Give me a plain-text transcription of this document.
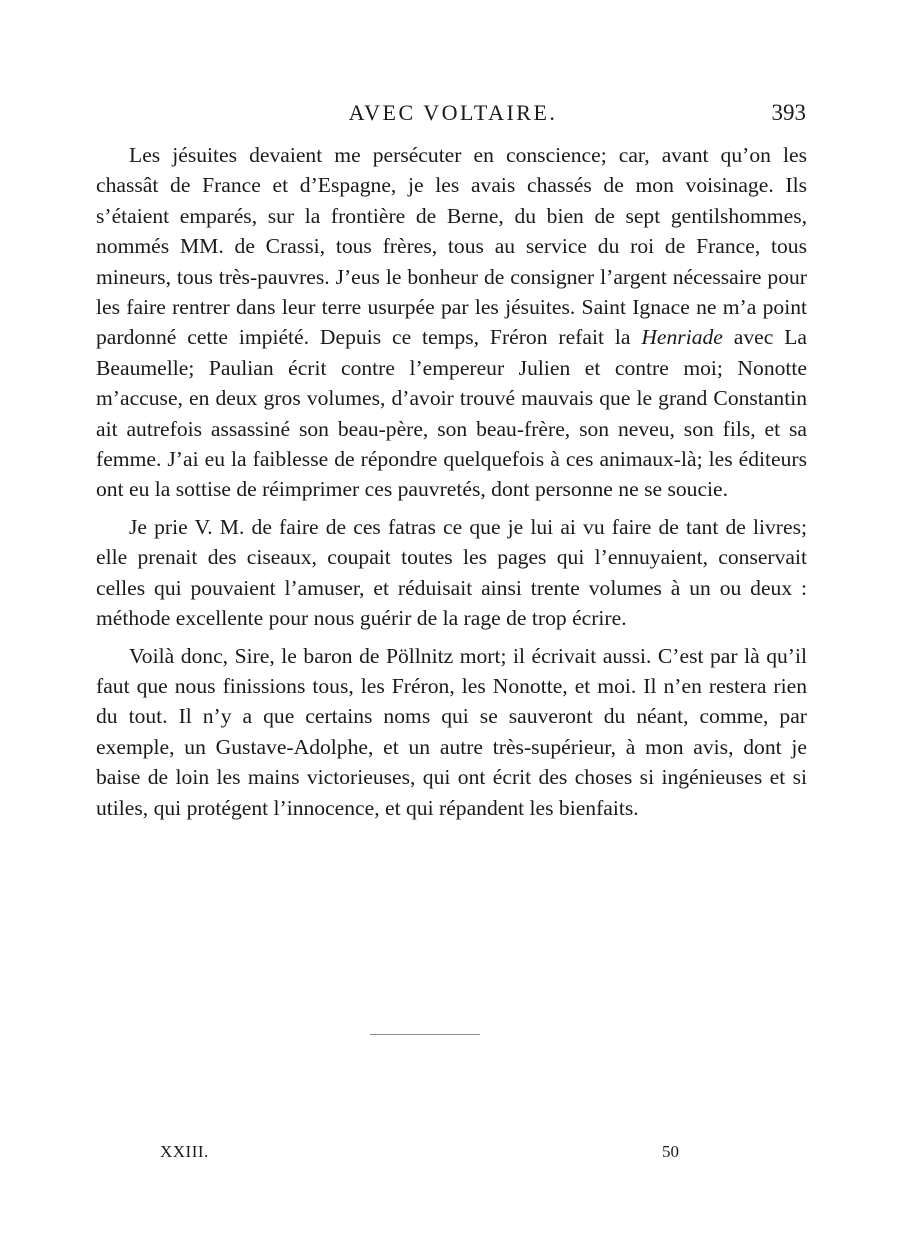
AVEC VOLTAIRE.	393

Les jésuites devaient me persécuter en conscience; car, avant qu’on les chassât de France et d’Espagne, je les avais chassés de mon voisinage. Ils s’étaient emparés, sur la frontière de Berne, du bien de sept gentilshommes, nommés MM. de Crassi, tous frères, tous au service du roi de France, tous mineurs, tous très-pauvres. J’eus le bonheur de consigner l’argent nécessaire pour les faire rentrer dans leur terre usurpée par les jésuites. Saint Ignace ne m’a point pardonné cette impiété. Depuis ce temps, Fréron refait la Henriade avec La Beaumelle; Paulian écrit contre l’empereur Julien et contre moi; Nonotte m’accuse, en deux gros volumes, d’avoir trouvé mauvais que le grand Constantin ait autrefois assassiné son beau-père, son beau-frère, son neveu, son fils, et sa femme. J’ai eu la faiblesse de répondre quelquefois à ces animaux-là; les éditeurs ont eu la sottise de réimprimer ces pauvretés, dont personne ne se soucie.

Je prie V. M. de faire de ces fatras ce que je lui ai vu faire de tant de livres; elle prenait des ciseaux, coupait toutes les pages qui l’ennuyaient, conservait celles qui pouvaient l’amuser, et réduisait ainsi trente volumes à un ou deux : méthode excellente pour nous guérir de la rage de trop écrire.

Voilà donc, Sire, le baron de Pöllnitz mort; il écrivait aussi. C’est par là qu’il faut que nous finissions tous, les Fréron, les Nonotte, et moi. Il n’en restera rien du tout. Il n’y a que certains noms qui se sauveront du néant, comme, par exemple, un Gustave-Adolphe, et un autre très-supérieur, à mon avis, dont je baise de loin les mains victorieuses, qui ont écrit des choses si ingénieuses et si utiles, qui protégent l’innocence, et qui répandent les bienfaits.

XXIII.	50
